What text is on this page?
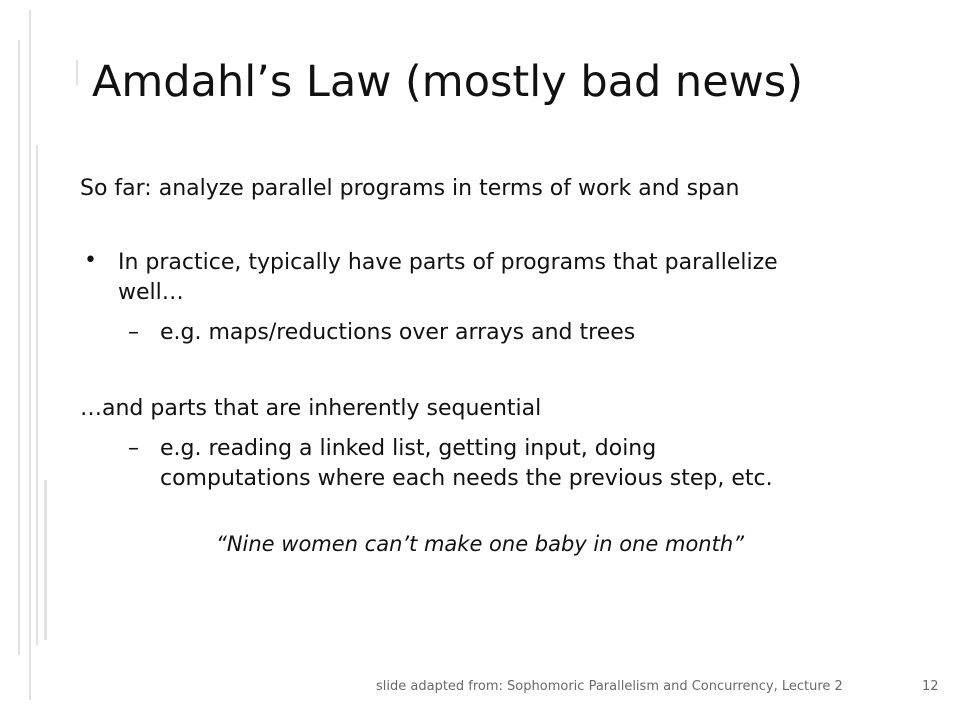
Amdahl’s Law (mostly bad news)
So far: analyze parallel programs in terms of work and span
• In practice, typically have parts of programs that parallelize
well…
– e.g. maps/reductions over arrays and trees
…and parts that are inherently sequential
– e.g. reading a linked list, getting input, doing
computations where each needs the previous step, etc.
“Nine women can’t make one baby in one month”
slide adapted from: Sophomoric Parallelism and Concurrency, Lecture 2	12
